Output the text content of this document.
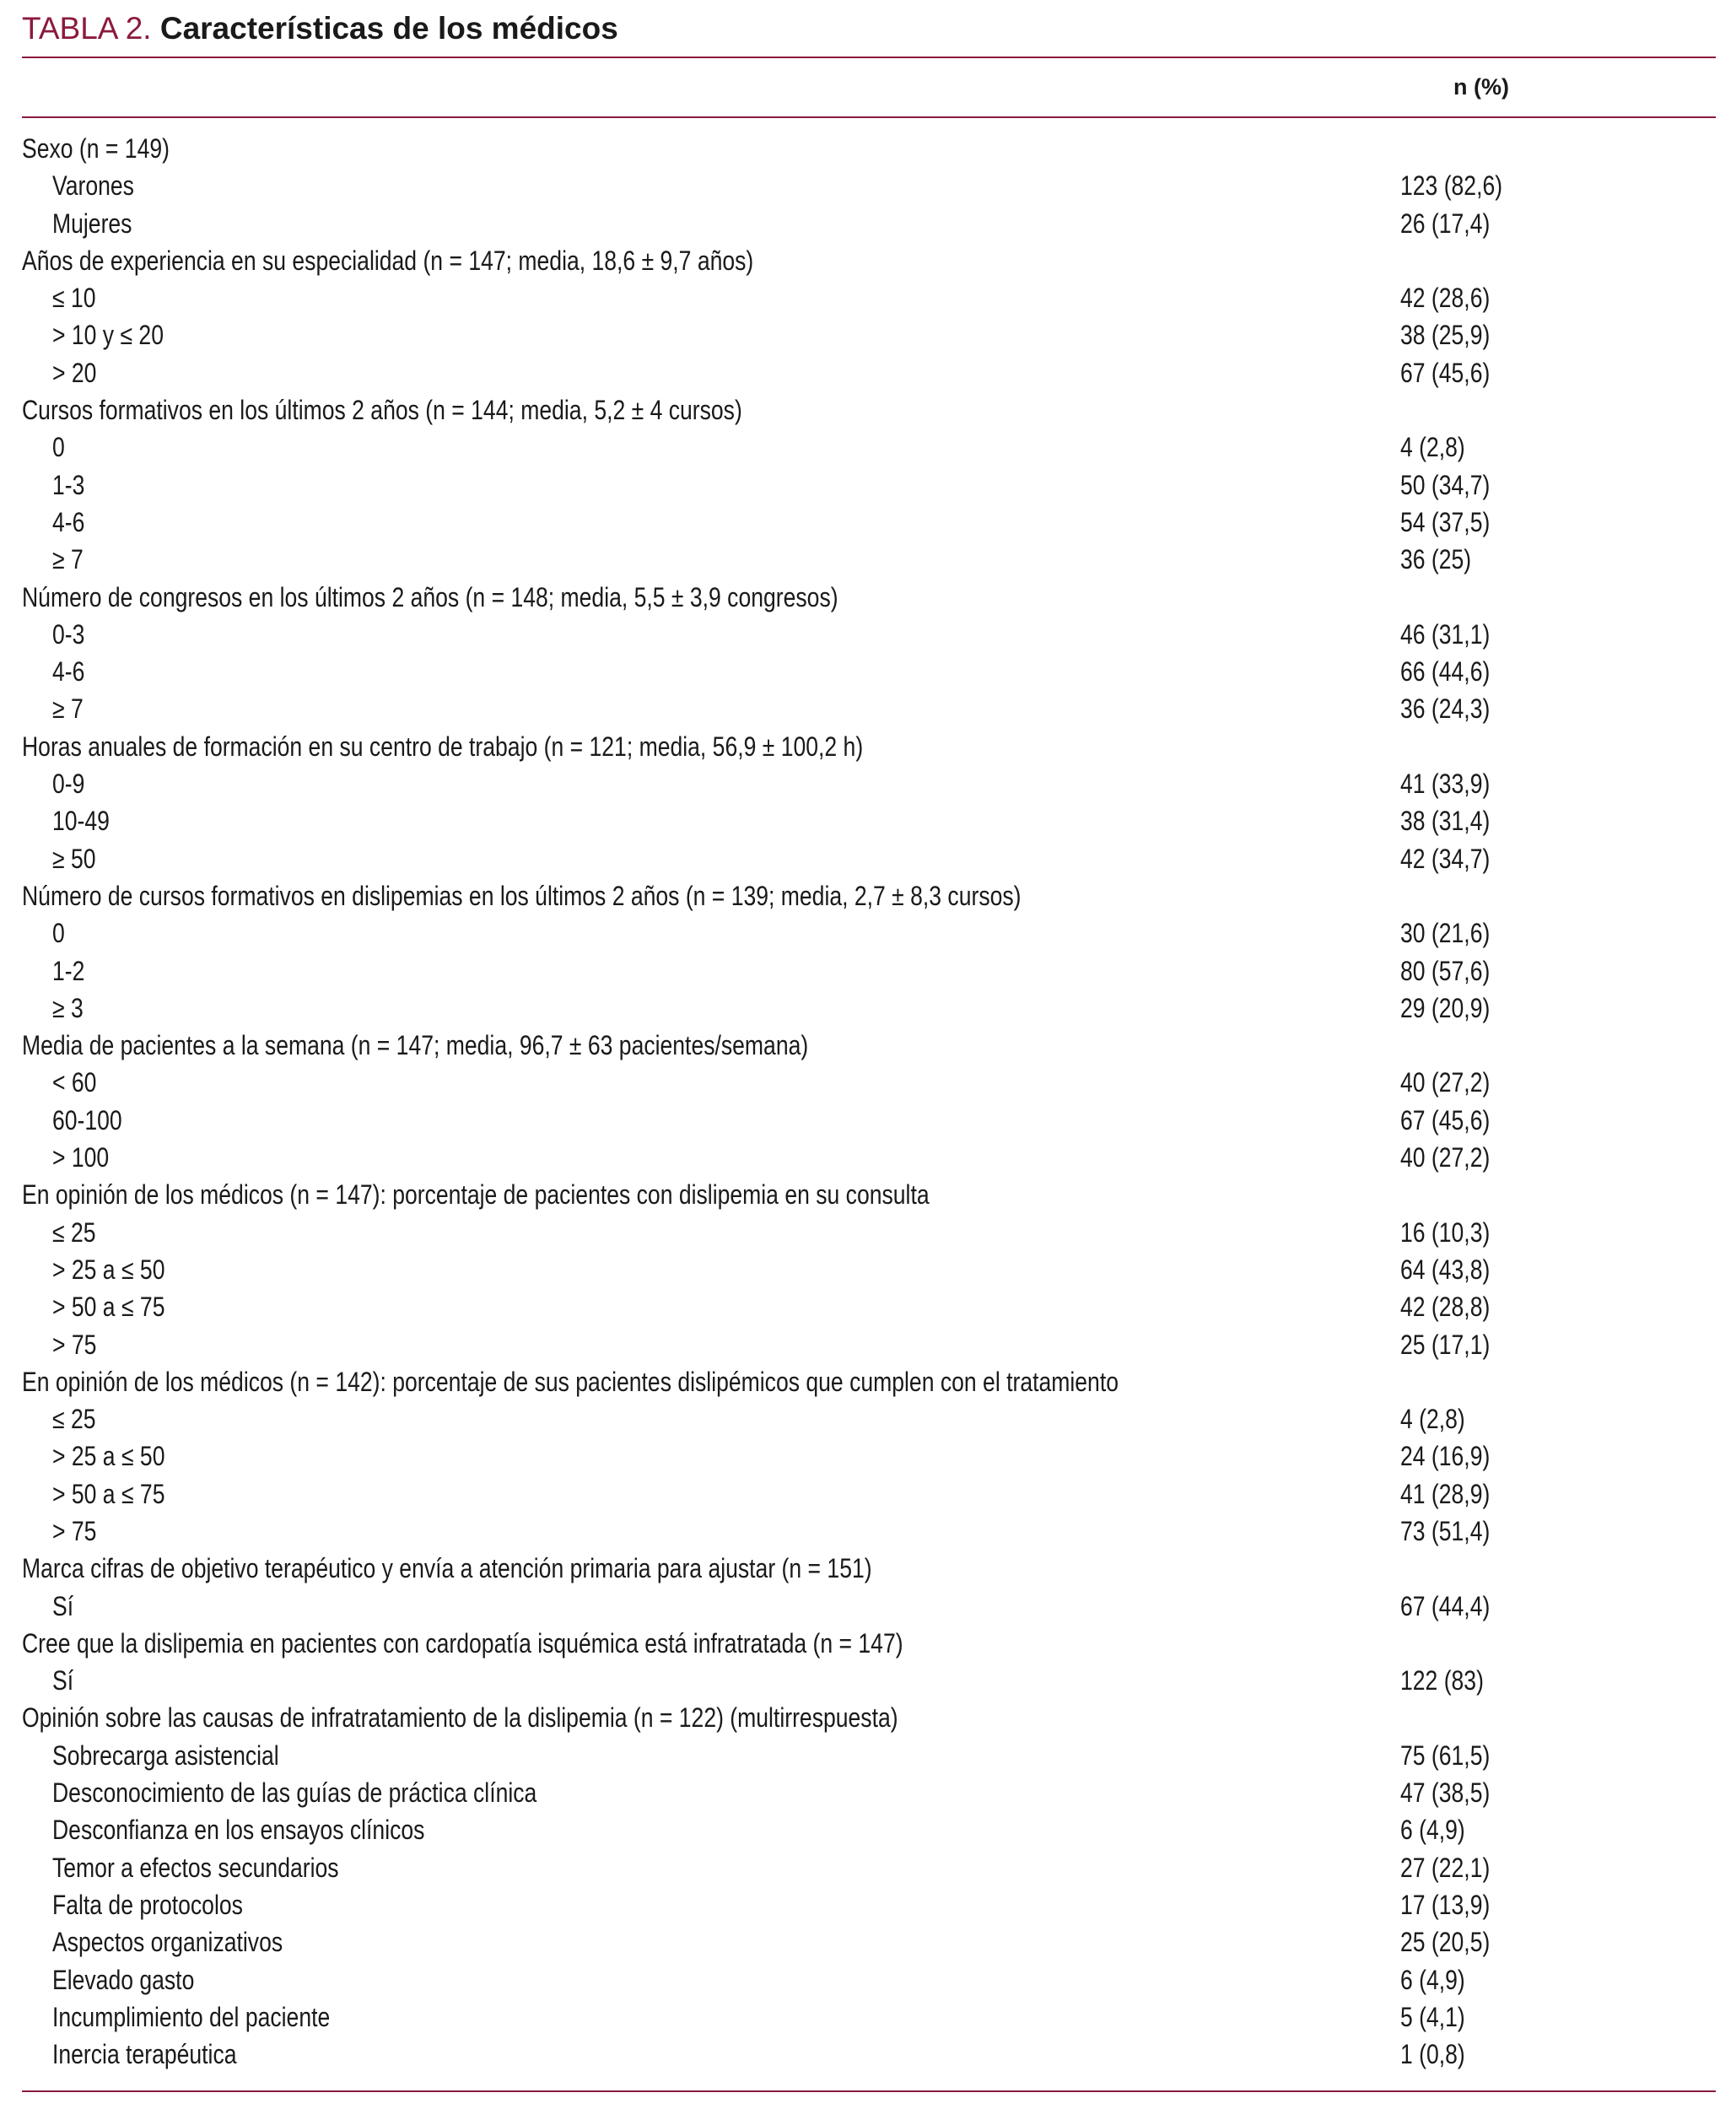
TABLA 2. Características de los médicos
n (%)
Sexo (n = 149)
Varones	123 (82,6)
Mujeres	26 (17,4)
Años de experiencia en su especialidad (n = 147; media, 18,6 ± 9,7 años)
≤ 10	42 (28,6)
> 10 y ≤ 20	38 (25,9)
> 20	67 (45,6)
Cursos formativos en los últimos 2 años (n = 144; media, 5,2 ± 4 cursos)
0	4 (2,8)
1-3	50 (34,7)
4-6	54 (37,5)
≥ 7	36 (25)
Número de congresos en los últimos 2 años (n = 148; media, 5,5 ± 3,9 congresos)
0-3	46 (31,1)
4-6	66 (44,6)
≥ 7	36 (24,3)
Horas anuales de formación en su centro de trabajo (n = 121; media, 56,9 ± 100,2 h)
0-9	41 (33,9)
10-49	38 (31,4)
≥ 50	42 (34,7)
Número de cursos formativos en dislipemias en los últimos 2 años (n = 139; media, 2,7 ± 8,3 cursos)
0	30 (21,6)
1-2	80 (57,6)
≥ 3	29 (20,9)
Media de pacientes a la semana (n = 147; media, 96,7 ± 63 pacientes/semana)
< 60	40 (27,2)
60-100	67 (45,6)
> 100	40 (27,2)
En opinión de los médicos (n = 147): porcentaje de pacientes con dislipemia en su consulta
≤ 25	16 (10,3)
> 25 a ≤ 50	64 (43,8)
> 50 a ≤ 75	42 (28,8)
> 75	25 (17,1)
En opinión de los médicos (n = 142): porcentaje de sus pacientes dislipémicos que cumplen con el tratamiento
≤ 25	4 (2,8)
> 25 a ≤ 50	24 (16,9)
> 50 a ≤ 75	41 (28,9)
> 75	73 (51,4)
Marca cifras de objetivo terapéutico y envía a atención primaria para ajustar (n = 151)
Sí	67 (44,4)
Cree que la dislipemia en pacientes con cardopatía isquémica está infratratada (n = 147)
Sí	122 (83)
Opinión sobre las causas de infratratamiento de la dislipemia (n = 122) (multirrespuesta)
Sobrecarga asistencial	75 (61,5)
Desconocimiento de las guías de práctica clínica	47 (38,5)
Desconfianza en los ensayos clínicos	6 (4,9)
Temor a efectos secundarios	27 (22,1)
Falta de protocolos	17 (13,9)
Aspectos organizativos	25 (20,5)
Elevado gasto	6 (4,9)
Incumplimiento del paciente	5 (4,1)
Inercia terapéutica	1 (0,8)
